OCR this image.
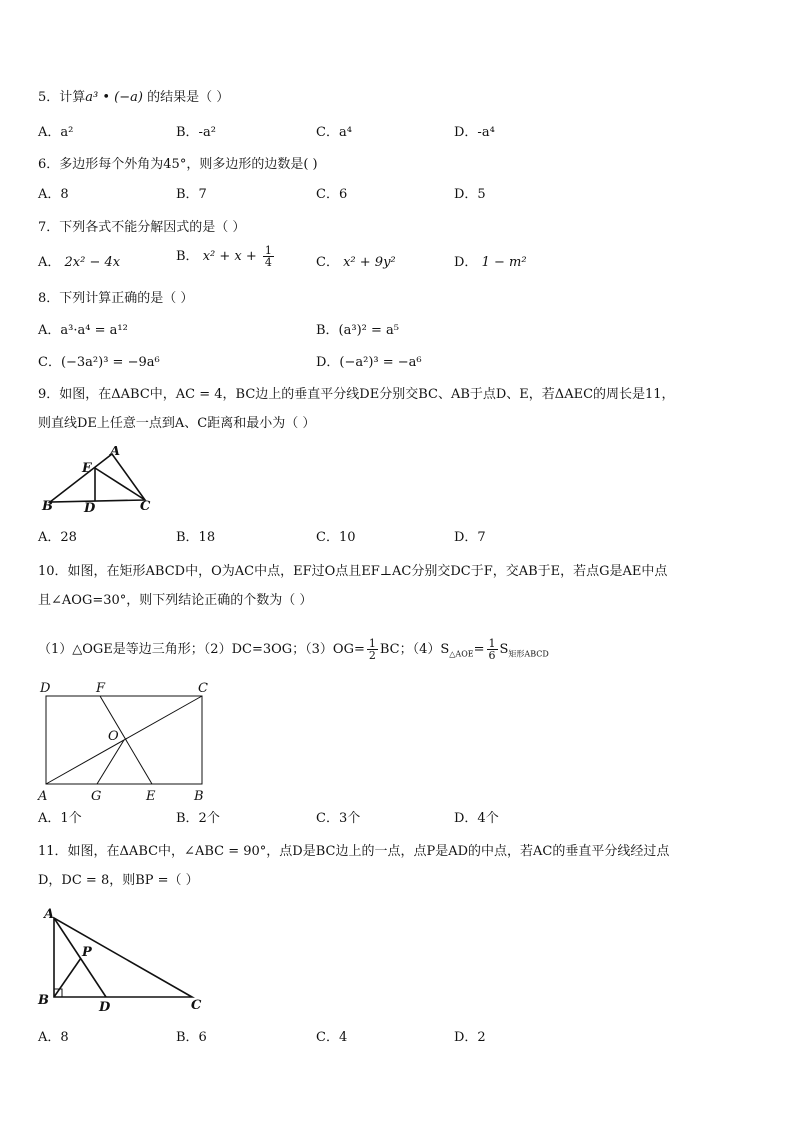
5．计算a³ • (−a) 的结果是（ ）
A．a²	B．-a²	C．a⁴	D．-a⁴
6．多边形每个外角为45°，则多边形的边数是( )
A．8	B．7	C．6	D．5
7．下列各式不能分解因式的是（ ）
A． 2x² − 4x	B． $x^2 + x + \frac{1}{4}$	C． x² + 9y²	D． 1 − m²
8．下列计算正确的是（ ）
A．a³·a⁴ = a¹²	B．(a³)² = a⁵
C．(−3a²)³ = −9a⁶	D．(−a²)³ = −a⁶
9．如图，在ΔABC中，AC = 4，BC边上的垂直平分线DE分别交BC、AB于点D、E，若ΔAEC的周长是11，
则直线DE上任意一点到A、C距离和最小为（ ）
A
E
B D	C
A．28	B．18	C．10	D．7
10．如图，在矩形ABCD中，O为AC中点，EF过O点且EF⊥AC分别交DC于F，交AB于E，若点G是AE中点
且∠AOG=30°，则下列结论正确的个数为（ ）
（1）△OGE是等边三角形；（2）DC=3OG；$(3)OG= \frac{1}{2}$ BC；$(4)S_{\triangle AOE}= \frac{1}{6} S_{矩形ABCD}$
D	F	C
O
A	G	E	B
A．1个	B．2个	C．3个	D．4个
11．如图，在ΔABC中，∠ABC = 90°，点D是BC边上的一点，点P是AD的中点，若AC的垂直平分线经过点
D，DC = 8，则BP =（ ）
A
P
B	D	C
A．8	B．6	C．4	D．2
